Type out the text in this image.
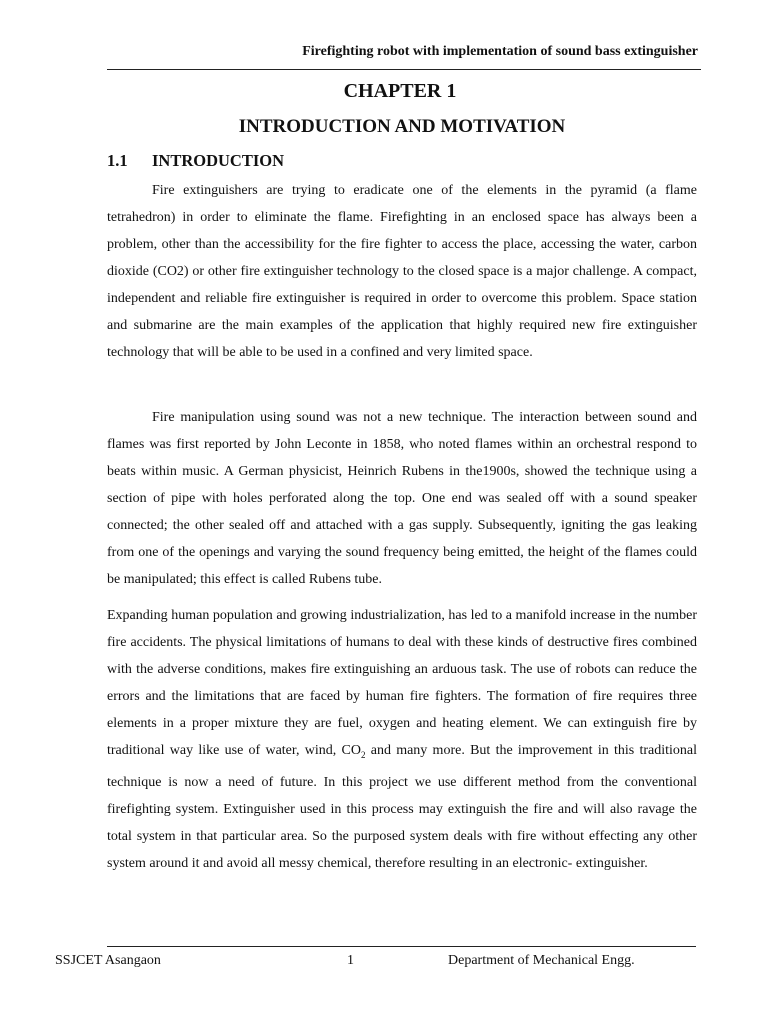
Firefighting robot with implementation of sound bass extinguisher
CHAPTER 1
INTRODUCTION AND MOTIVATION
1.1 INTRODUCTION

Fire extinguishers are trying to eradicate one of the elements in the pyramid (a flame tetrahedron) in order to eliminate the flame. Firefighting in an enclosed space has always been a problem, other than the accessibility for the fire fighter to access the place, accessing the water, carbon dioxide (CO2) or other fire extinguisher technology to the closed space is a major challenge. A compact, independent and reliable fire extinguisher is required in order to overcome this problem. Space station and submarine are the main examples of the application that highly required new fire extinguisher technology that will be able to be used in a confined and very limited space.

Fire manipulation using sound was not a new technique. The interaction between sound and flames was first reported by John Leconte in 1858, who noted flames within an orchestral respond to beats within music. A German physicist, Heinrich Rubens in the1900s, showed the technique using a section of pipe with holes perforated along the top. One end was sealed off with a sound speaker connected; the other sealed off and attached with a gas supply. Subsequently, igniting the gas leaking from one of the openings and varying the sound frequency being emitted, the height of the flames could be manipulated; this effect is called Rubens tube.

Expanding human population and growing industrialization, has led to a manifold increase in the number fire accidents. The physical limitations of humans to deal with these kinds of destructive fires combined with the adverse conditions, makes fire extinguishing an arduous task. The use of robots can reduce the errors and the limitations that are faced by human fire fighters. The formation of fire requires three elements in a proper mixture they are fuel, oxygen and heating element. We can extinguish fire by traditional way like use of water, wind, $CO_2$ and many more. But the improvement in this traditional technique is now a need of future. In this project we use different method from the conventional firefighting system. Extinguisher used in this process may extinguish the fire and will also ravage the total system in that particular area. So the purposed system deals with fire without effecting any other system around it and avoid all messy chemical, therefore resulting in an electronic- extinguisher.

SSJCET Asangaon	1	Department of Mechanical Engg.
